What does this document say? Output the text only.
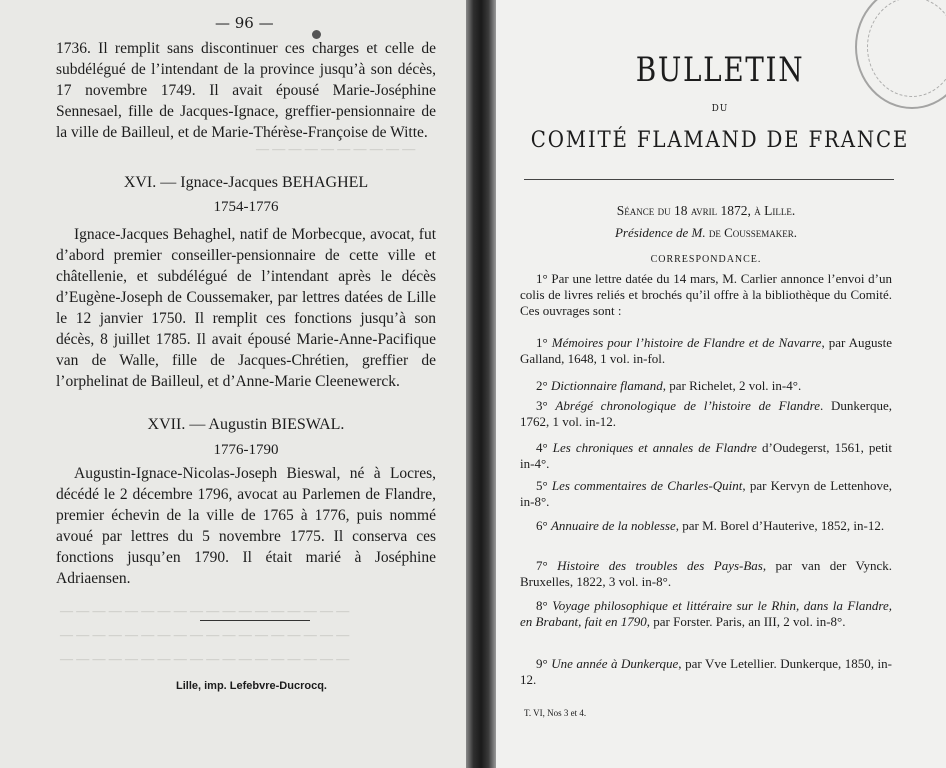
— — — — — — — — — —
— — — — — — — — — — — — — — — — — —
— — — — — — — — — — — — — — — — — —
— — — — — — — — — — — — — — — — — —
— 96 —
1736. Il remplit sans discontinuer ces charges et celle de subdélégué de l’intendant de la province jusqu’à son décès, 17 novembre 1749. Il avait épousé Marie-Joséphine Sennesael, fille de Jacques-Ignace, greffier-pensionnaire de la ville de Bailleul, et de Marie-Thérèse-Françoise de Witte.
XVI. — Ignace-Jacques BEHAGHEL
1754-1776
Ignace-Jacques Behaghel, natif de Morbecque, avocat, fut d’abord premier conseiller-pensionnaire de cette ville et châtellenie, et subdélégué de l’intendant après le décès d’Eugène-Joseph de Coussemaker, par lettres datées de Lille le 12 janvier 1750. Il remplit ces fonctions jusqu’à son décès, 8 juillet 1785. Il avait épousé Marie-Anne-Pacifique van de Walle, fille de Jacques-Chrétien, greffier de l’orphelinat de Bailleul, et d’Anne-Marie Cleenewerck.
XVII. — Augustin BIESWAL.
1776-1790
Augustin-Ignace-Nicolas-Joseph Bieswal, né à Locres, décédé le 2 décembre 1796, avocat au Parlemen de Flandre, premier échevin de la ville de 1765 à 1776, puis nommé avoué par lettres du 5 novembre 1775. Il conserva ces fonctions jusqu’en 1790. Il était marié à Joséphine Adriaensen.
Lille, imp. Lefebvre-Ducrocq.
BULLETIN
DU
COMITÉ FLAMAND DE FRANCE
Séance du 18 avril 1872, à Lille.
Présidence de M. de Coussemaker.
CORRESPONDANCE.
1° Par une lettre datée du 14 mars, M. Carlier annonce l’envoi d’un colis de livres reliés et brochés qu’il offre à la bibliothèque du Comité. Ces ouvrages sont :
1° Mémoires pour l’histoire de Flandre et de Navarre, par Auguste Galland, 1648, 1 vol. in-fol.
2° Dictionnaire flamand, par Richelet, 2 vol. in-4°.
3° Abrégé chronologique de l’histoire de Flandre. Dunkerque, 1762, 1 vol. in-12.
4° Les chroniques et annales de Flandre d’Oudegerst, 1561, petit in-4°.
5° Les commentaires de Charles-Quint, par Kervyn de Lettenhove, in-8°.
6° Annuaire de la noblesse, par M. Borel d’Hauterive, 1852, in-12.
7° Histoire des troubles des Pays-Bas, par van der Vynck. Bruxelles, 1822, 3 vol. in-8°.
8° Voyage philosophique et littéraire sur le Rhin, dans la Flandre, en Brabant, fait en 1790, par Forster. Paris, an III, 2 vol. in-8°.
9° Une année à Dunkerque, par Vve Letellier. Dunkerque, 1850, in-12.
T. VI, Nos 3 et 4.
